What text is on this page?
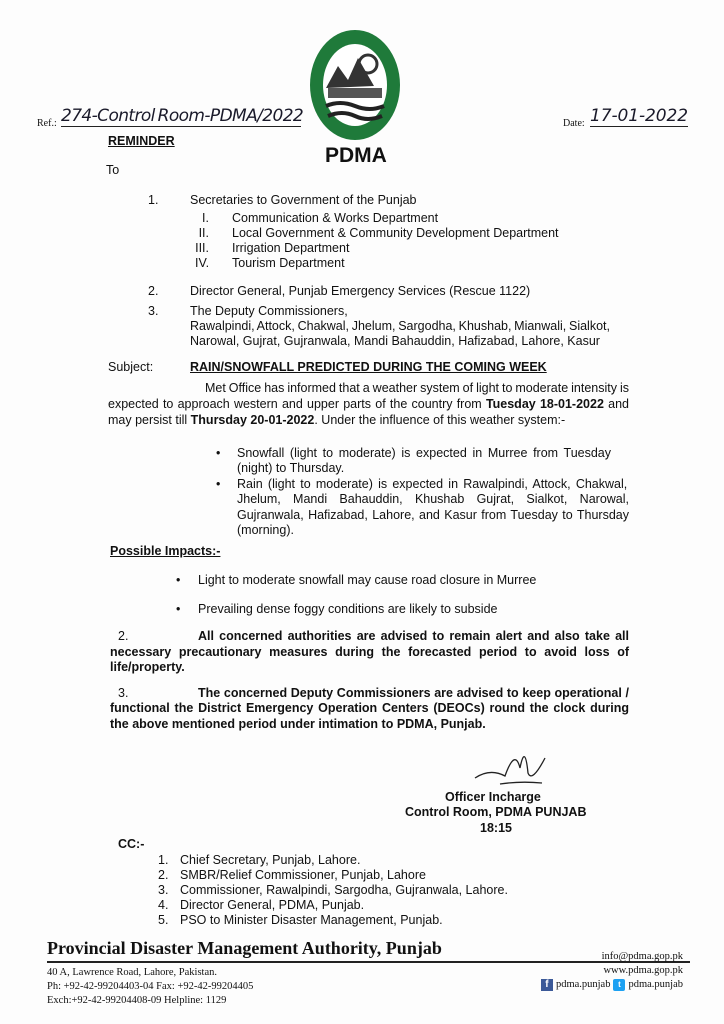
PDMA
Ref.: 274-Control Room-PDMA/2022
REMINDER
Date: 17-01-2022
To
1.	Secretaries to Government of the Punjab
I. Communication & Works Department
II. Local Government & Community Development Department
III. Irrigation Department
IV. Tourism Department
2.	Director General, Punjab Emergency Services (Rescue 1122)
3.	The Deputy Commissioners,
Rawalpindi, Attock, Chakwal, Jhelum, Sargodha, Khushab, Mianwali, Sialkot,
Narowal, Gujrat, Gujranwala, Mandi Bahauddin, Hafizabad, Lahore, Kasur
Subject:	RAIN/SNOWFALL PREDICTED DURING THE COMING WEEK
Met Office has informed that a weather system of light to moderate intensity is
expected to approach western and upper parts of the country from Tuesday 18-01-2022 and
may persist till Thursday 20-01-2022. Under the influence of this weather system:-
• Snowfall (light to moderate) is expected in Murree from Tuesday
(night) to Thursday.
• Rain (light to moderate) is expected in Rawalpindi, Attock, Chakwal,
Jhelum, Mandi Bahauddin, Khushab Gujrat, Sialkot, Narowal,
Gujranwala, Hafizabad, Lahore, and Kasur from Tuesday to Thursday
(morning).
Possible Impacts:-
• Light to moderate snowfall may cause road closure in Murree
• Prevailing dense foggy conditions are likely to subside
2.	All concerned authorities are advised to remain alert and also take all
necessary precautionary measures during the forecasted period to avoid loss of
life/property.
3.	The concerned Deputy Commissioners are advised to keep operational /
functional the District Emergency Operation Centers (DEOCs) round the clock during
the above mentioned period under intimation to PDMA, Punjab.
Officer Incharge
Control Room, PDMA PUNJAB
18:15
CC:-
1. Chief Secretary, Punjab, Lahore.
2. SMBR/Relief Commissioner, Punjab, Lahore
3. Commissioner, Rawalpindi, Sargodha, Gujranwala, Lahore.
4. Director General, PDMA, Punjab.
5. PSO to Minister Disaster Management, Punjab.
Provincial Disaster Management Authority, Punjab
40 A, Lawrence Road, Lahore, Pakistan.
Ph: +92-42-99204403-04 Fax: +92-42-99204405
Exch:+92-42-99204408-09 Helpline: 1129
info@pdma.gop.pk
www.pdma.gop.pk
f pdma.punjab t pdma.punjab
